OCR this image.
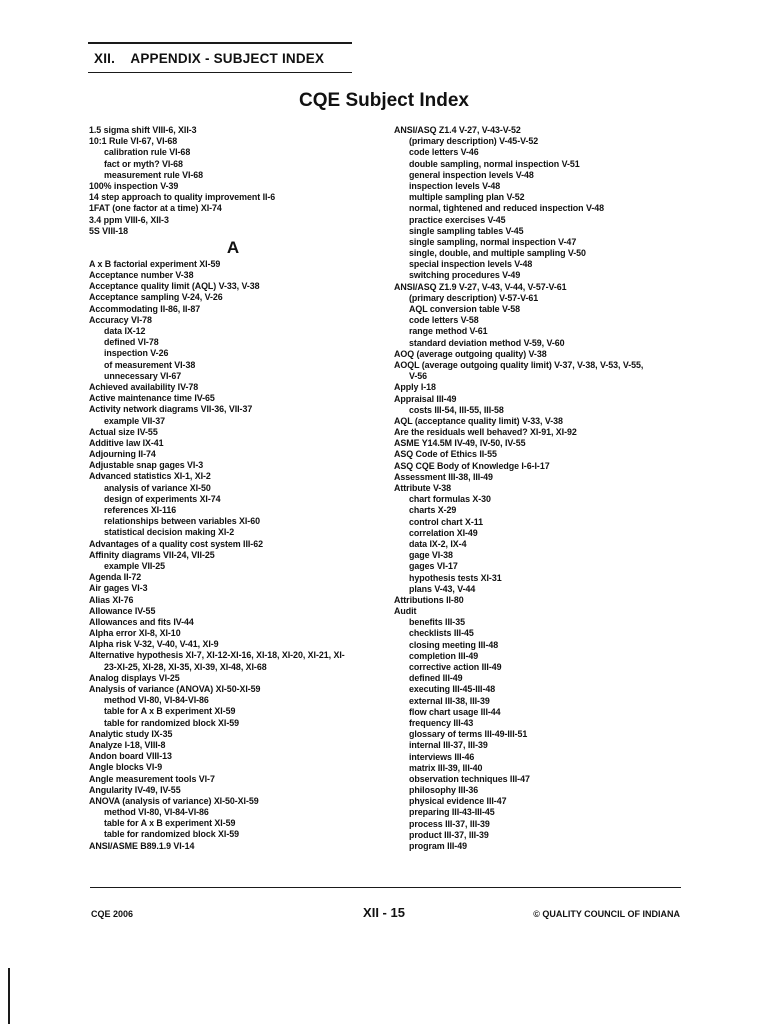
XII. APPENDIX - SUBJECT INDEX
CQE Subject Index
1.5 sigma shift VIII-6, XII-3
10:1 Rule VI-67, VI-68
calibration rule VI-68
fact or myth? VI-68
measurement rule VI-68
100% inspection V-39
14 step approach to quality improvement II-6
1FAT (one factor at a time) XI-74
3.4 ppm VIII-6, XII-3
5S VIII-18
A
A x B factorial experiment XI-59
Acceptance number V-38
Acceptance quality limit (AQL) V-33, V-38
Acceptance sampling V-24, V-26
Accommodating II-86, II-87
Accuracy VI-78
data IX-12
defined VI-78
inspection V-26
of measurement VI-38
unnecessary VI-67
Achieved availability IV-78
Active maintenance time IV-65
Activity network diagrams VII-36, VII-37
example VII-37
Actual size IV-55
Additive law IX-41
Adjourning II-74
Adjustable snap gages VI-3
Advanced statistics XI-1, XI-2
analysis of variance XI-50
design of experiments XI-74
references XI-116
relationships between variables XI-60
statistical decision making XI-2
Advantages of a quality cost system III-62
Affinity diagrams VII-24, VII-25
example VII-25
Agenda II-72
Air gages VI-3
Alias XI-76
Allowance IV-55
Allowances and fits IV-44
Alpha error XI-8, XI-10
Alpha risk V-32, V-40, V-41, XI-9
Alternative hypothesis XI-7, XI-12-XI-16, XI-18, XI-20, XI-21, XI-
23-XI-25, XI-28, XI-35, XI-39, XI-48, XI-68
Analog displays VI-25
Analysis of variance (ANOVA) XI-50-XI-59
method VI-80, VI-84-VI-86
table for A x B experiment XI-59
table for randomized block XI-59
Analytic study IX-35
Analyze I-18, VIII-8
Andon board VIII-13
Angle blocks VI-9
Angle measurement tools VI-7
Angularity IV-49, IV-55
ANOVA (analysis of variance) XI-50-XI-59
method VI-80, VI-84-VI-86
table for A x B experiment XI-59
table for randomized block XI-59
ANSI/ASME B89.1.9 VI-14
ANSI/ASQ Z1.4 V-27, V-43-V-52
(primary description) V-45-V-52
code letters V-46
double sampling, normal inspection V-51
general inspection levels V-48
inspection levels V-48
multiple sampling plan V-52
normal, tightened and reduced inspection V-48
practice exercises V-45
single sampling tables V-45
single sampling, normal inspection V-47
single, double, and multiple sampling V-50
special inspection levels V-48
switching procedures V-49
ANSI/ASQ Z1.9 V-27, V-43, V-44, V-57-V-61
(primary description) V-57-V-61
AQL conversion table V-58
code letters V-58
range method V-61
standard deviation method V-59, V-60
AOQ (average outgoing quality) V-38
AOQL (average outgoing quality limit) V-37, V-38, V-53, V-55,
V-56
Apply I-18
Appraisal III-49
costs III-54, III-55, III-58
AQL (acceptance quality limit) V-33, V-38
Are the residuals well behaved? XI-91, XI-92
ASME Y14.5M IV-49, IV-50, IV-55
ASQ Code of Ethics II-55
ASQ CQE Body of Knowledge I-6-I-17
Assessment III-38, III-49
Attribute V-38
chart formulas X-30
charts X-29
control chart X-11
correlation XI-49
data IX-2, IX-4
gage VI-38
gages VI-17
hypothesis tests XI-31
plans V-43, V-44
Attributions II-80
Audit
benefits III-35
checklists III-45
closing meeting III-48
completion III-49
corrective action III-49
defined III-49
executing III-45-III-48
external III-38, III-39
flow chart usage III-44
frequency III-43
glossary of terms III-49-III-51
internal III-37, III-39
interviews III-46
matrix III-39, III-40
observation techniques III-47
philosophy III-36
physical evidence III-47
preparing III-43-III-45
process III-37, III-39
product III-37, III-39
program III-49
CQE 2006	XII - 15	© QUALITY COUNCIL OF INDIANA
